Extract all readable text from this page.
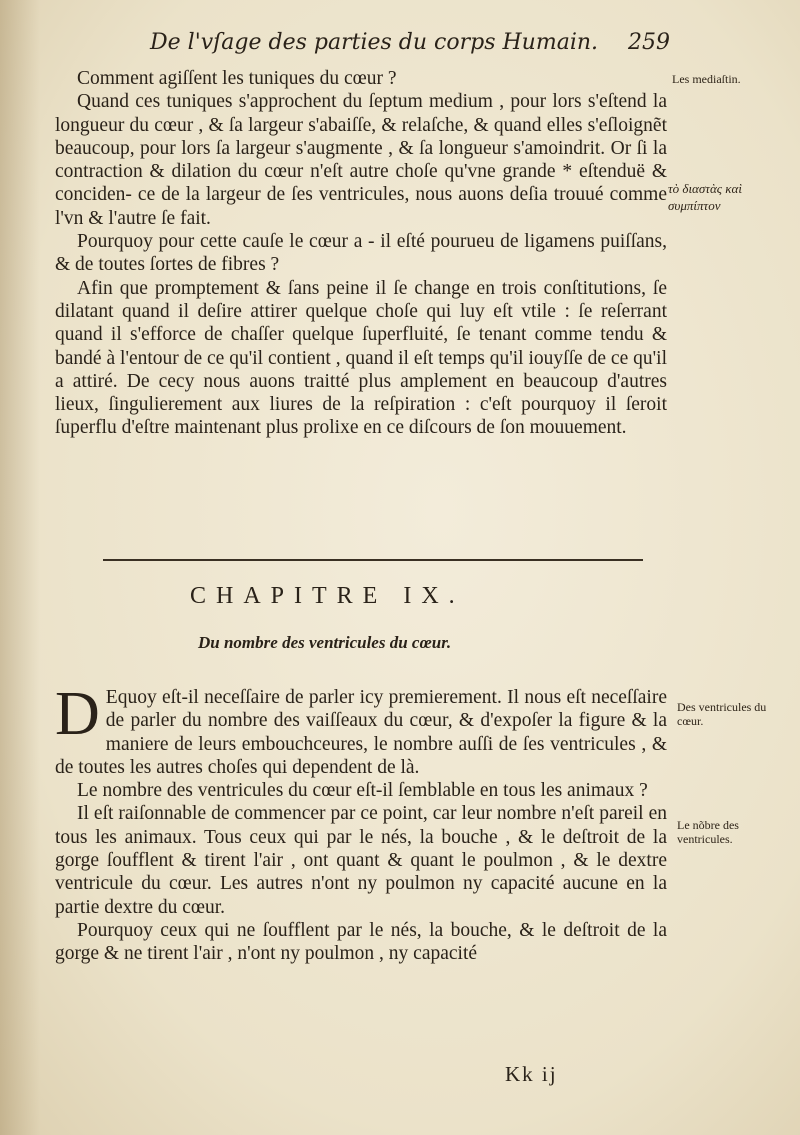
De l'vſage des parties du corps Humain.	259

Comment agiſſent les tuniques du cœur ?

Quand ces tuniques s'approchent du ſeptum medium , pour lors s'eſtend la longueur du cœur , & ſa largeur s'abaiſſe, & relaſche, & quand elles s'eſloignẽt beaucoup, pour lors ſa largeur s'augmente , & ſa longueur s'amoindrit. Or ſi la contraction & dilation du cœur n'eſt autre choſe qu'vne grande * eſtenduë & conciden- ce de la largeur de ſes ventricules, nous auons deſia trouué comme l'vn & l'autre ſe fait.

Pourquoy pour cette cauſe le cœur a - il eſté pourueu de ligamens puiſſans, & de toutes ſortes de fibres ?

Afin que promptement & ſans peine il ſe change en trois conſtitutions, ſe dilatant quand il deſire attirer quelque choſe qui luy eſt vtile : ſe reſerrant quand il s'efforce de chaſſer quelque ſuperfluité, ſe tenant comme tendu & bandé à l'entour de ce qu'il contient , quand il eſt temps qu'il iouyſſe de ce qu'il a attiré. De cecy nous auons traitté plus amplement en beaucoup d'autres lieux, ſingulierement aux liures de la reſpiration : c'eſt pourquoy il ſeroit ſuperflu d'eſtre maintenant plus prolixe en ce diſcours de ſon mouuement.

Les mediaſtin.
τὸ διαστὰς καὶ συμπίπτον
CHAPITRE IX.
Du nombre des ventricules du cœur.

D Equoy eſt-il neceſſaire de parler icy premierement. Il nous eſt neceſſaire de parler du nombre des vaiſſeaux du cœur, & d'expoſer la figure & la maniere de leurs embouchceures, le nombre auſſi de ſes ventricules , & de toutes les autres choſes qui dependent de là.

Le nombre des ventricules du cœur eſt-il ſemblable en tous les animaux ?

Il eſt raiſonnable de commencer par ce point, car leur nombre n'eſt pareil en tous les animaux. Tous ceux qui par le nés, la bouche , & le deſtroit de la gorge ſoufflent & tirent l'air , ont quant & quant le poulmon , & le dextre ventricule du cœur. Les autres n'ont ny poulmon ny capacité aucune en la partie dextre du cœur.

Pourquoy ceux qui ne ſoufflent par le nés, la bouche, & le deſtroit de la gorge & ne tirent l'air , n'ont ny poulmon , ny capacité

Des ventricules du cœur.
Le nõbre des ventricules.
Kk ij
